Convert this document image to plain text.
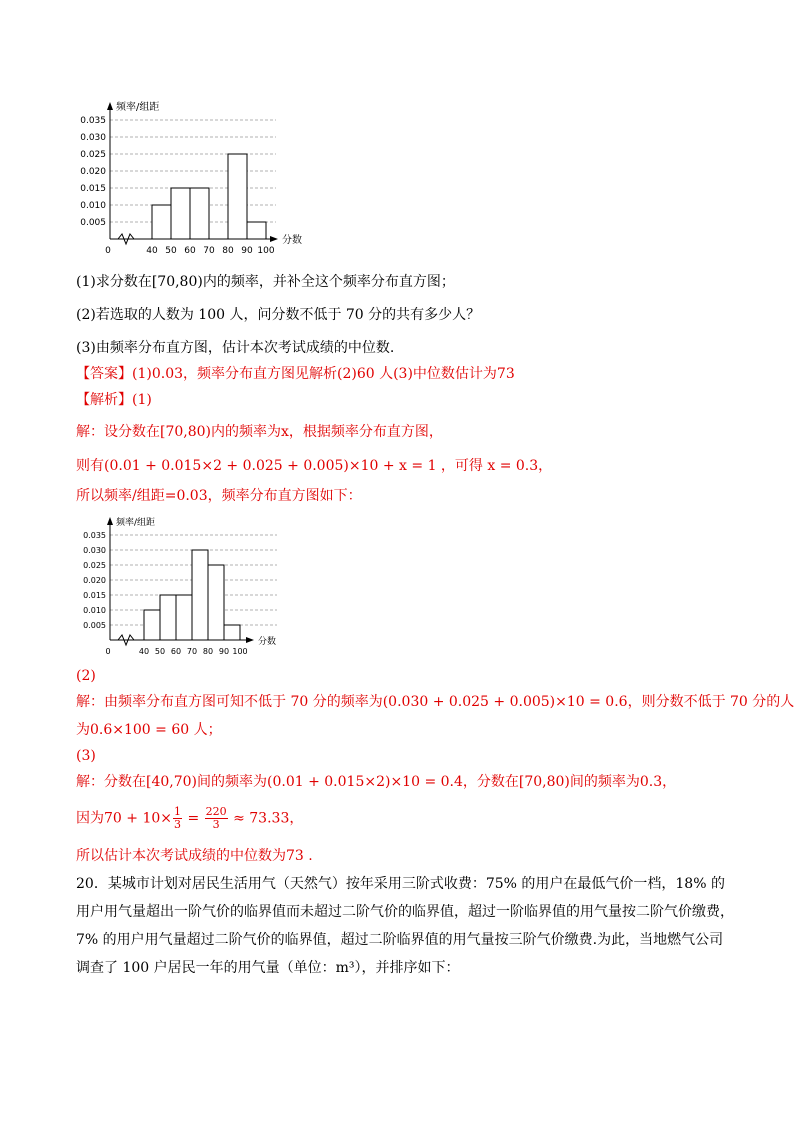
0.005
0.010
0.015
0.020
0.025
0.030
0.035
频率/组距
分数
0	40 50 60 70 80 90 100
(1)求分数在[70,80)内的频率，并补全这个频率分布直方图；
(2)若选取的人数为 100 人，问分数不低于 70 分的共有多少人？
(3)由频率分布直方图，估计本次考试成绩的中位数.
【答案】(1)0.03，频率分布直方图见解析(2)60 人(3)中位数估计为73
【解析】(1)
解：设分数在[70,80)内的频率为x，根据频率分布直方图，
则有(0.01 + 0.015×2 + 0.025 + 0.005)×10 + x = 1 ，可得 x = 0.3，
所以频率/组距=0.03，频率分布直方图如下：
0.005
0.010
0.015
0.020
0.025
0.030
0.035
频率/组距
分数
0	40 50 60 70 80 90 100
(2)
解：由频率分布直方图可知不低于 70 分的频率为(0.030 + 0.025 + 0.005)×10 = 0.6，则分数不低于 70 分的人
为0.6×100 = 60 人；
(3)
解：分数在[40,70)间的频率为(0.01 + 0.015×2)×10 = 0.4，分数在[70,80)间的频率为0.3，
因为$70 + 10\times \frac{1}{3} = \frac{220}{3} \approx 73.33$，
所以估计本次考试成绩的中位数为73 .
20．某城市计划对居民生活用气（天然气）按年采用三阶式收费：75% 的用户在最低气价一档，18% 的
用户用气量超出一阶气价的临界值而未超过二阶气价的临界值，超过一阶临界值的用气量按二阶气价缴费，
7% 的用户用气量超过二阶气价的临界值，超过二阶临界值的用气量按三阶气价缴费.为此，当地燃气公司
调查了 100 户居民一年的用气量（单位：m³），并排序如下：
